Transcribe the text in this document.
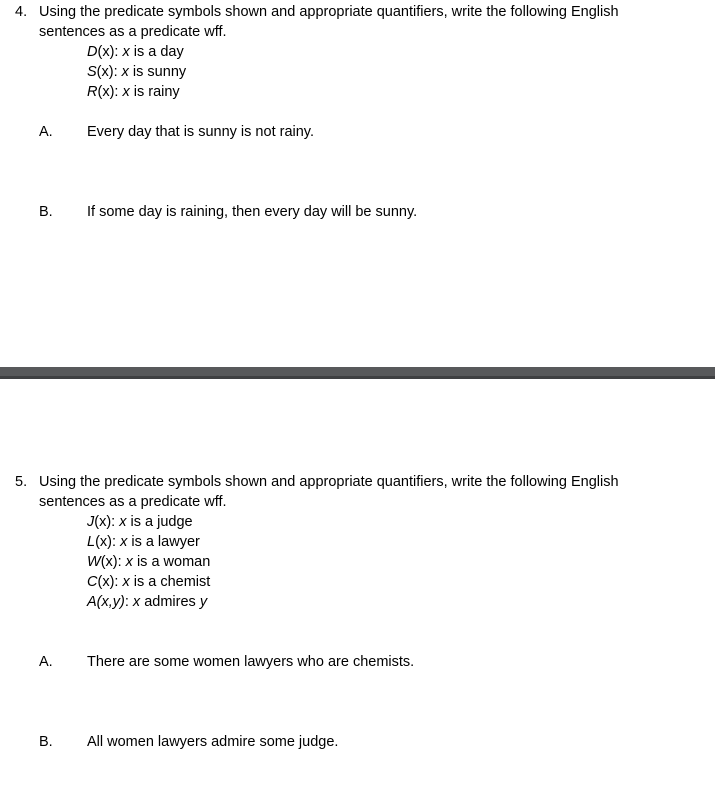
4. Using the predicate symbols shown and appropriate quantifiers, write the following English
sentences as a predicate wff.
D(x): x is a day
S(x): x is sunny
R(x): x is rainy
A. Every day that is sunny is not rainy.
B. If some day is raining, then every day will be sunny.
5. Using the predicate symbols shown and appropriate quantifiers, write the following English
sentences as a predicate wff.
J(x): x is a judge
L(x): x is a lawyer
W(x): x is a woman
C(x): x is a chemist
A(x,y): x admires y
A. There are some women lawyers who are chemists.
B. All women lawyers admire some judge.
